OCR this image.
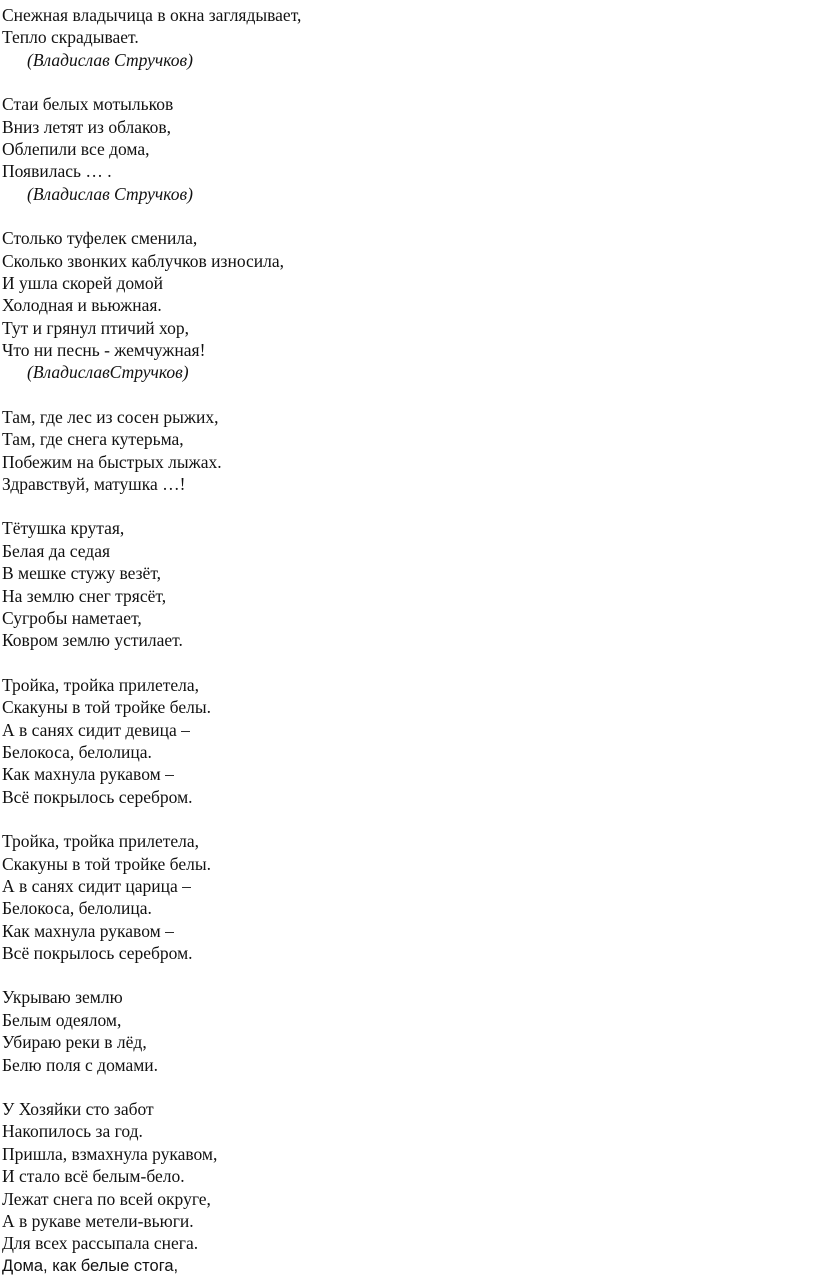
Снежная владычица в окна заглядывает,
Тепло скрадывает.
(Владислав Стручков)
Стаи белых мотыльков
Вниз летят из облаков,
Облепили все дома,
Появилась … .
(Владислав Стручков)
Столько туфелек сменила,
Сколько звонких каблучков износила,
И ушла скорей домой
Холодная и вьюжная.
Тут и грянул птичий хор,
Что ни песнь - жемчужная!
(ВладиславСтручков)
Там, где лес из сосен рыжих,
Там, где снега кутерьма,
Побежим на быстрых лыжах.
Здравствуй, матушка …!
Тётушка крутая,
Белая да седая
В мешке стужу везёт,
На землю снег трясёт,
Сугробы наметает,
Ковром землю устилает.
Тройка, тройка прилетела,
Скакуны в той тройке белы.
А в санях сидит девица –
Белокоса, белолица.
Как махнула рукавом –
Всё покрылось серебром.
Тройка, тройка прилетела,
Скакуны в той тройке белы.
А в санях сидит царица –
Белокоса, белолица.
Как махнула рукавом –
Всё покрылось серебром.
Укрываю землю
Белым одеялом,
Убираю реки в лёд,
Белю поля с домами.
У Хозяйки сто забот
Накопилось за год.
Пришла, взмахнула рукавом,
И стало всё белым-бело.
Лежат снега по всей округе,
А в рукаве метели-вьюги.
Для всех рассыпала снега.
Дома, как белые стога,
